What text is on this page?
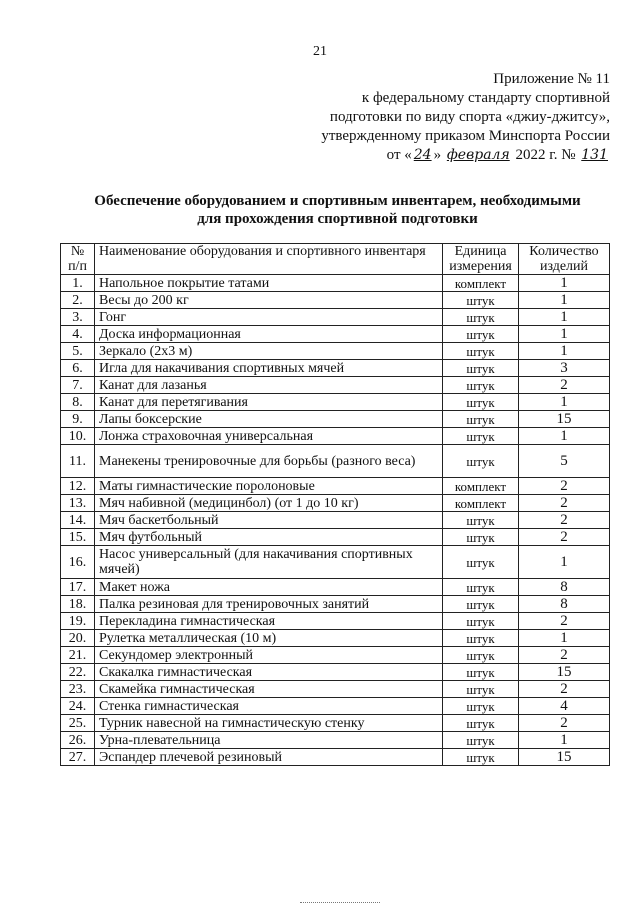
21
Приложение № 11
к федеральному стандарту спортивной
подготовки по виду спорта «джиу-джитсу»,
утвержденному приказом Минспорта России
от « 24 » февраля 2022 г. № 131
Обеспечение оборудованием и спортивным инвентарем, необходимыми
для прохождения спортивной подготовки
№ п/п	Наименование оборудования и спортивного инвентаря	Единица измерения	Количество изделий
1.	Напольное покрытие татами	комплект	1
2.	Весы до 200 кг	штук	1
3.	Гонг	штук	1
4.	Доска информационная	штук	1
5.	Зеркало (2х3 м)	штук	1
6.	Игла для накачивания спортивных мячей	штук	3
7.	Канат для лазанья	штук	2
8.	Канат для перетягивания	штук	1
9.	Лапы боксерские	штук	15
10.	Лонжа страховочная универсальная	штук	1
11.	Манекены тренировочные для борьбы (разного веса)	штук	5
12.	Маты гимнастические поролоновые	комплект	2
13.	Мяч набивной (медицинбол) (от 1 до 10 кг)	комплект	2
14.	Мяч баскетбольный	штук	2
15.	Мяч футбольный	штук	2
16.	Насос универсальный (для накачивания спортивных мячей)	штук	1
17.	Макет ножа	штук	8
18.	Палка резиновая для тренировочных занятий	штук	8
19.	Перекладина гимнастическая	штук	2
20.	Рулетка металлическая (10 м)	штук	1
21.	Секундомер электронный	штук	2
22.	Скакалка гимнастическая	штук	15
23.	Скамейка гимнастическая	штук	2
24.	Стенка гимнастическая	штук	4
25.	Турник навесной на гимнастическую стенку	штук	2
26.	Урна-плевательница	штук	1
27.	Эспандер плечевой резиновый	штук	15
